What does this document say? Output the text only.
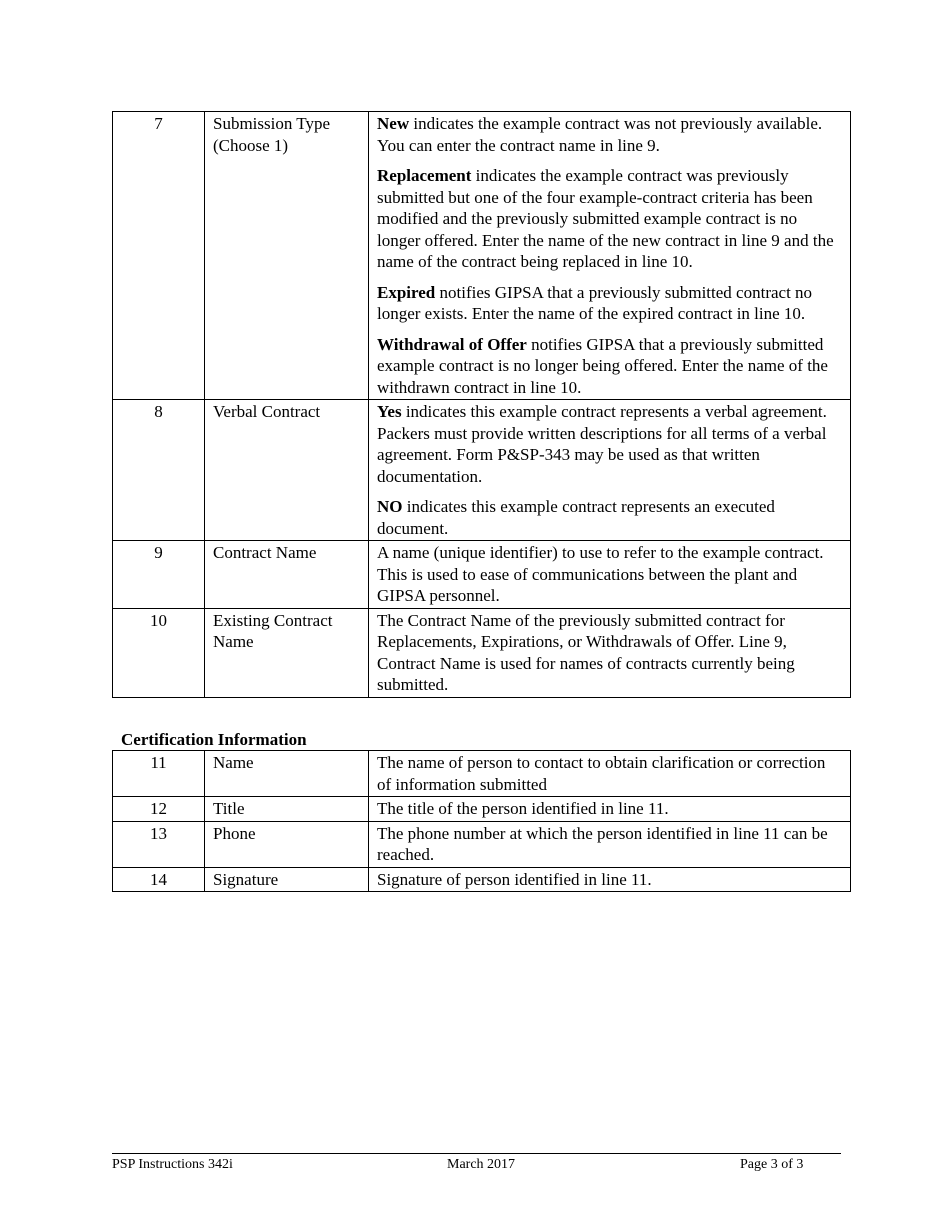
7	Submission Type (Choose 1)	New indicates the example contract was not previously available. You can enter the contract name in line 9.

Replacement indicates the example contract was previously submitted but one of the four example-contract criteria has been modified and the previously submitted example contract is no longer offered. Enter the name of the new contract in line 9 and the name of the contract being replaced in line 10.

Expired notifies GIPSA that a previously submitted contract no longer exists. Enter the name of the expired contract in line 10.

Withdrawal of Offer notifies GIPSA that a previously submitted example contract is no longer being offered. Enter the name of the withdrawn contract in line 10.

8	Verbal Contract	Yes indicates this example contract represents a verbal agreement. Packers must provide written descriptions for all terms of a verbal agreement. Form P&SP-343 may be used as that written documentation.

NO indicates this example contract represents an executed document.

9	Contract Name	A name (unique identifier) to use to refer to the example contract. This is used to ease of communications between the plant and GIPSA personnel.

10	Existing Contract Name	The Contract Name of the previously submitted contract for Replacements, Expirations, or Withdrawals of Offer. Line 9, Contract Name is used for names of contracts currently being submitted.

Certification Information

11	Name	The name of person to contact to obtain clarification or correction of information submitted
12	Title	The title of the person identified in line 11.
13	Phone	The phone number at which the person identified in line 11 can be reached.
14	Signature	Signature of person identified in line 11.
PSP Instructions 342i	March 2017	Page 3 of 3
